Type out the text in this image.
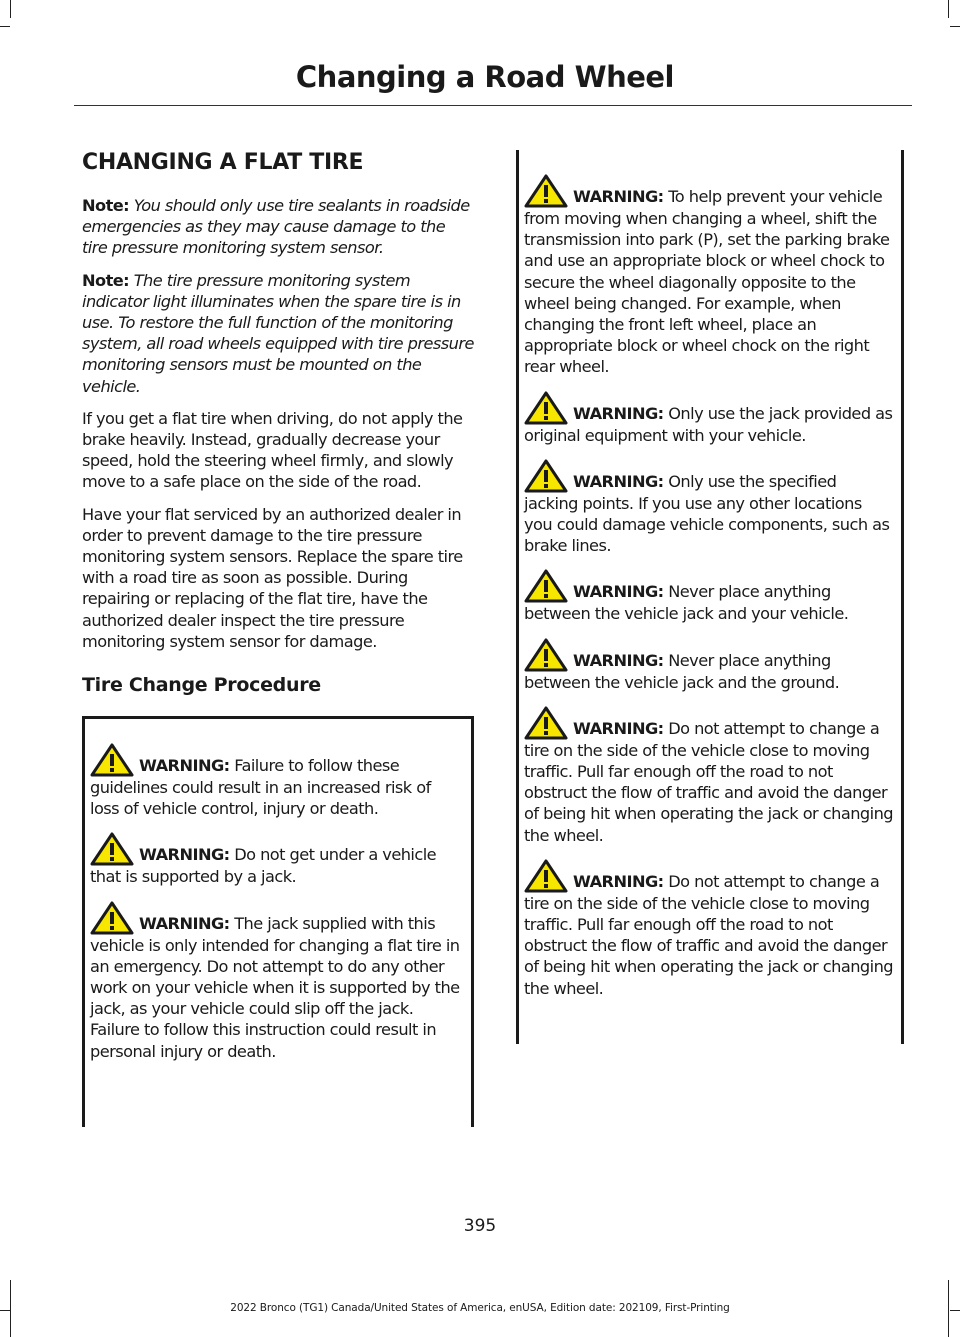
Changing a Road Wheel
CHANGING A FLAT TIRE

Note: You should only use tire sealants in roadside emergencies as they may cause damage to the tire pressure monitoring system sensor.

Note: The tire pressure monitoring system indicator light illuminates when the spare tire is in use. To restore the full function of the monitoring system, all road wheels equipped with tire pressure monitoring sensors must be mounted on the vehicle.

If you get a flat tire when driving, do not apply the brake heavily. Instead, gradually decrease your speed, hold the steering wheel firmly, and slowly move to a safe place on the side of the road.

Have your flat serviced by an authorized dealer in order to prevent damage to the tire pressure monitoring system sensors. Replace the spare tire with a road tire as soon as possible. During repairing or replacing of the flat tire, have the authorized dealer inspect the tire pressure monitoring system sensor for damage.

Tire Change Procedure

WARNING: Failure to follow these guidelines could result in an increased risk of loss of vehicle control, injury or death.

WARNING: Do not get under a vehicle that is supported by a jack.

WARNING: The jack supplied with this vehicle is only intended for changing a flat tire in an emergency. Do not attempt to do any other work on your vehicle when it is supported by the jack, as your vehicle could slip off the jack. Failure to follow this instruction could result in personal injury or death.

WARNING: To help prevent your vehicle from moving when changing a wheel, shift the transmission into park (P), set the parking brake and use an appropriate block or wheel chock to secure the wheel diagonally opposite to the wheel being changed. For example, when changing the front left wheel, place an appropriate block or wheel chock on the right rear wheel.

WARNING: Only use the jack provided as original equipment with your vehicle.

WARNING: Only use the specified jacking points. If you use any other locations you could damage vehicle components, such as brake lines.

WARNING: Never place anything between the vehicle jack and your vehicle.

WARNING: Never place anything between the vehicle jack and the ground.

WARNING: Do not attempt to change a tire on the side of the vehicle close to moving traffic. Pull far enough off the road to not obstruct the flow of traffic and avoid the danger of being hit when operating the jack or changing the wheel.

WARNING: Do not attempt to change a tire on the side of the vehicle close to moving traffic. Pull far enough off the road to not obstruct the flow of traffic and avoid the danger of being hit when operating the jack or changing the wheel.

395
2022 Bronco (TG1) Canada/United States of America, enUSA, Edition date: 202109, First-Printing
